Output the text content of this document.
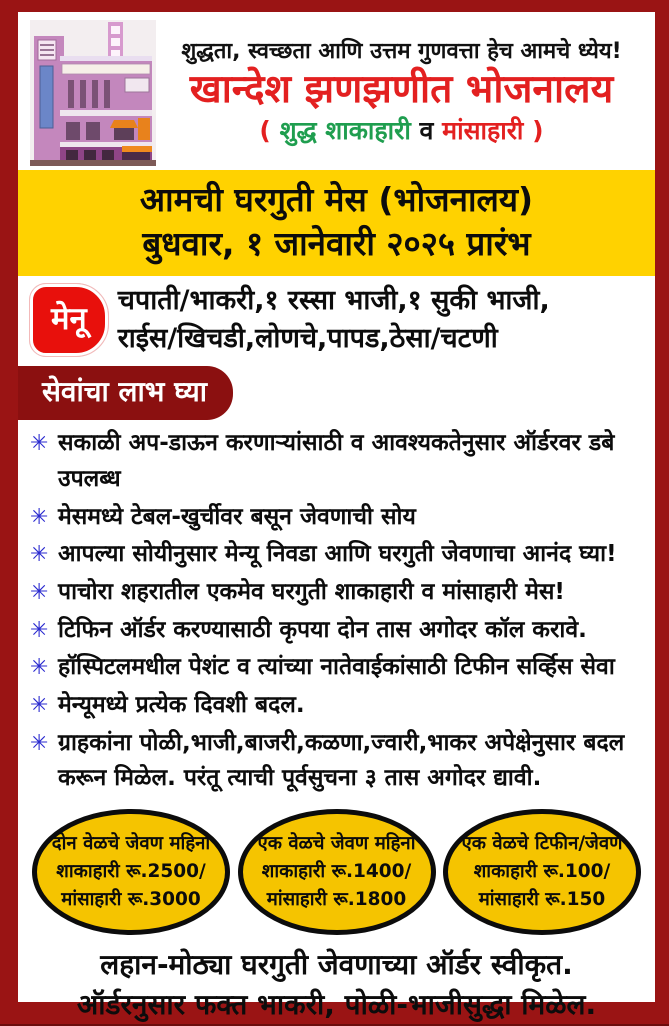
शुद्धता, स्वच्छता आणि उत्तम गुणवत्ता हेच आमचे ध्येय!
खान्देश झणझणीत भोजनालय
( शुद्ध शाकाहारी व मांसाहारी )
आमची घरगुती मेस (भोजनालय)
बुधवार, १ जानेवारी २०२५ प्रारंभ
मेनू
चपाती/भाकरी,१ रस्सा भाजी,१ सुकी भाजी,
राईस/खिचडी,लोणचे,पापड,ठेसा/चटणी
सेवांचा लाभ घ्या
✳ सकाळी अप-डाऊन करणाऱ्यांसाठी व आवश्यकतेनुसार ऑर्डरवर डबे उपलब्ध
✳ मेसमध्ये टेबल-खुर्चीवर बसून जेवणाची सोय
✳ आपल्या सोयीनुसार मेन्यू निवडा आणि घरगुती जेवणाचा आनंद घ्या!
✳ पाचोरा शहरातील एकमेव घरगुती शाकाहारी व मांसाहारी मेस!
✳ टिफिन ऑर्डर करण्यासाठी कृपया दोन तास अगोदर कॉल करावे.
✳ हॉस्पिटलमधील पेशंट व त्यांच्या नातेवाईकांसाठी टिफीन सर्व्हिस सेवा
✳ मेन्यूमध्ये प्रत्येक दिवशी बदल.
✳ ग्राहकांना पोळी,भाजी,बाजरी,कळणा,ज्वारी,भाकर अपेक्षेनुसार बदल करून मिळेल. परंतू त्याची पूर्वसुचना ३ तास अगोदर द्यावी.
दोन वेळचे जेवण महिना
शाकाहारी रू.2500/
मांसाहारी रू.3000
एक वेळचे जेवण महिना
शाकाहारी रू.1400/
मांसाहारी रू.1800
एक वेळचे टिफीन/जेवण
शाकाहारी रू.100/
मांसाहारी रू.150
लहान-मोठ्या घरगुती जेवणाच्या ऑर्डर स्वीकृत.
ऑर्डरनुसार फक्त भाकरी, पोळी-भाजीसुद्धा मिळेल.
